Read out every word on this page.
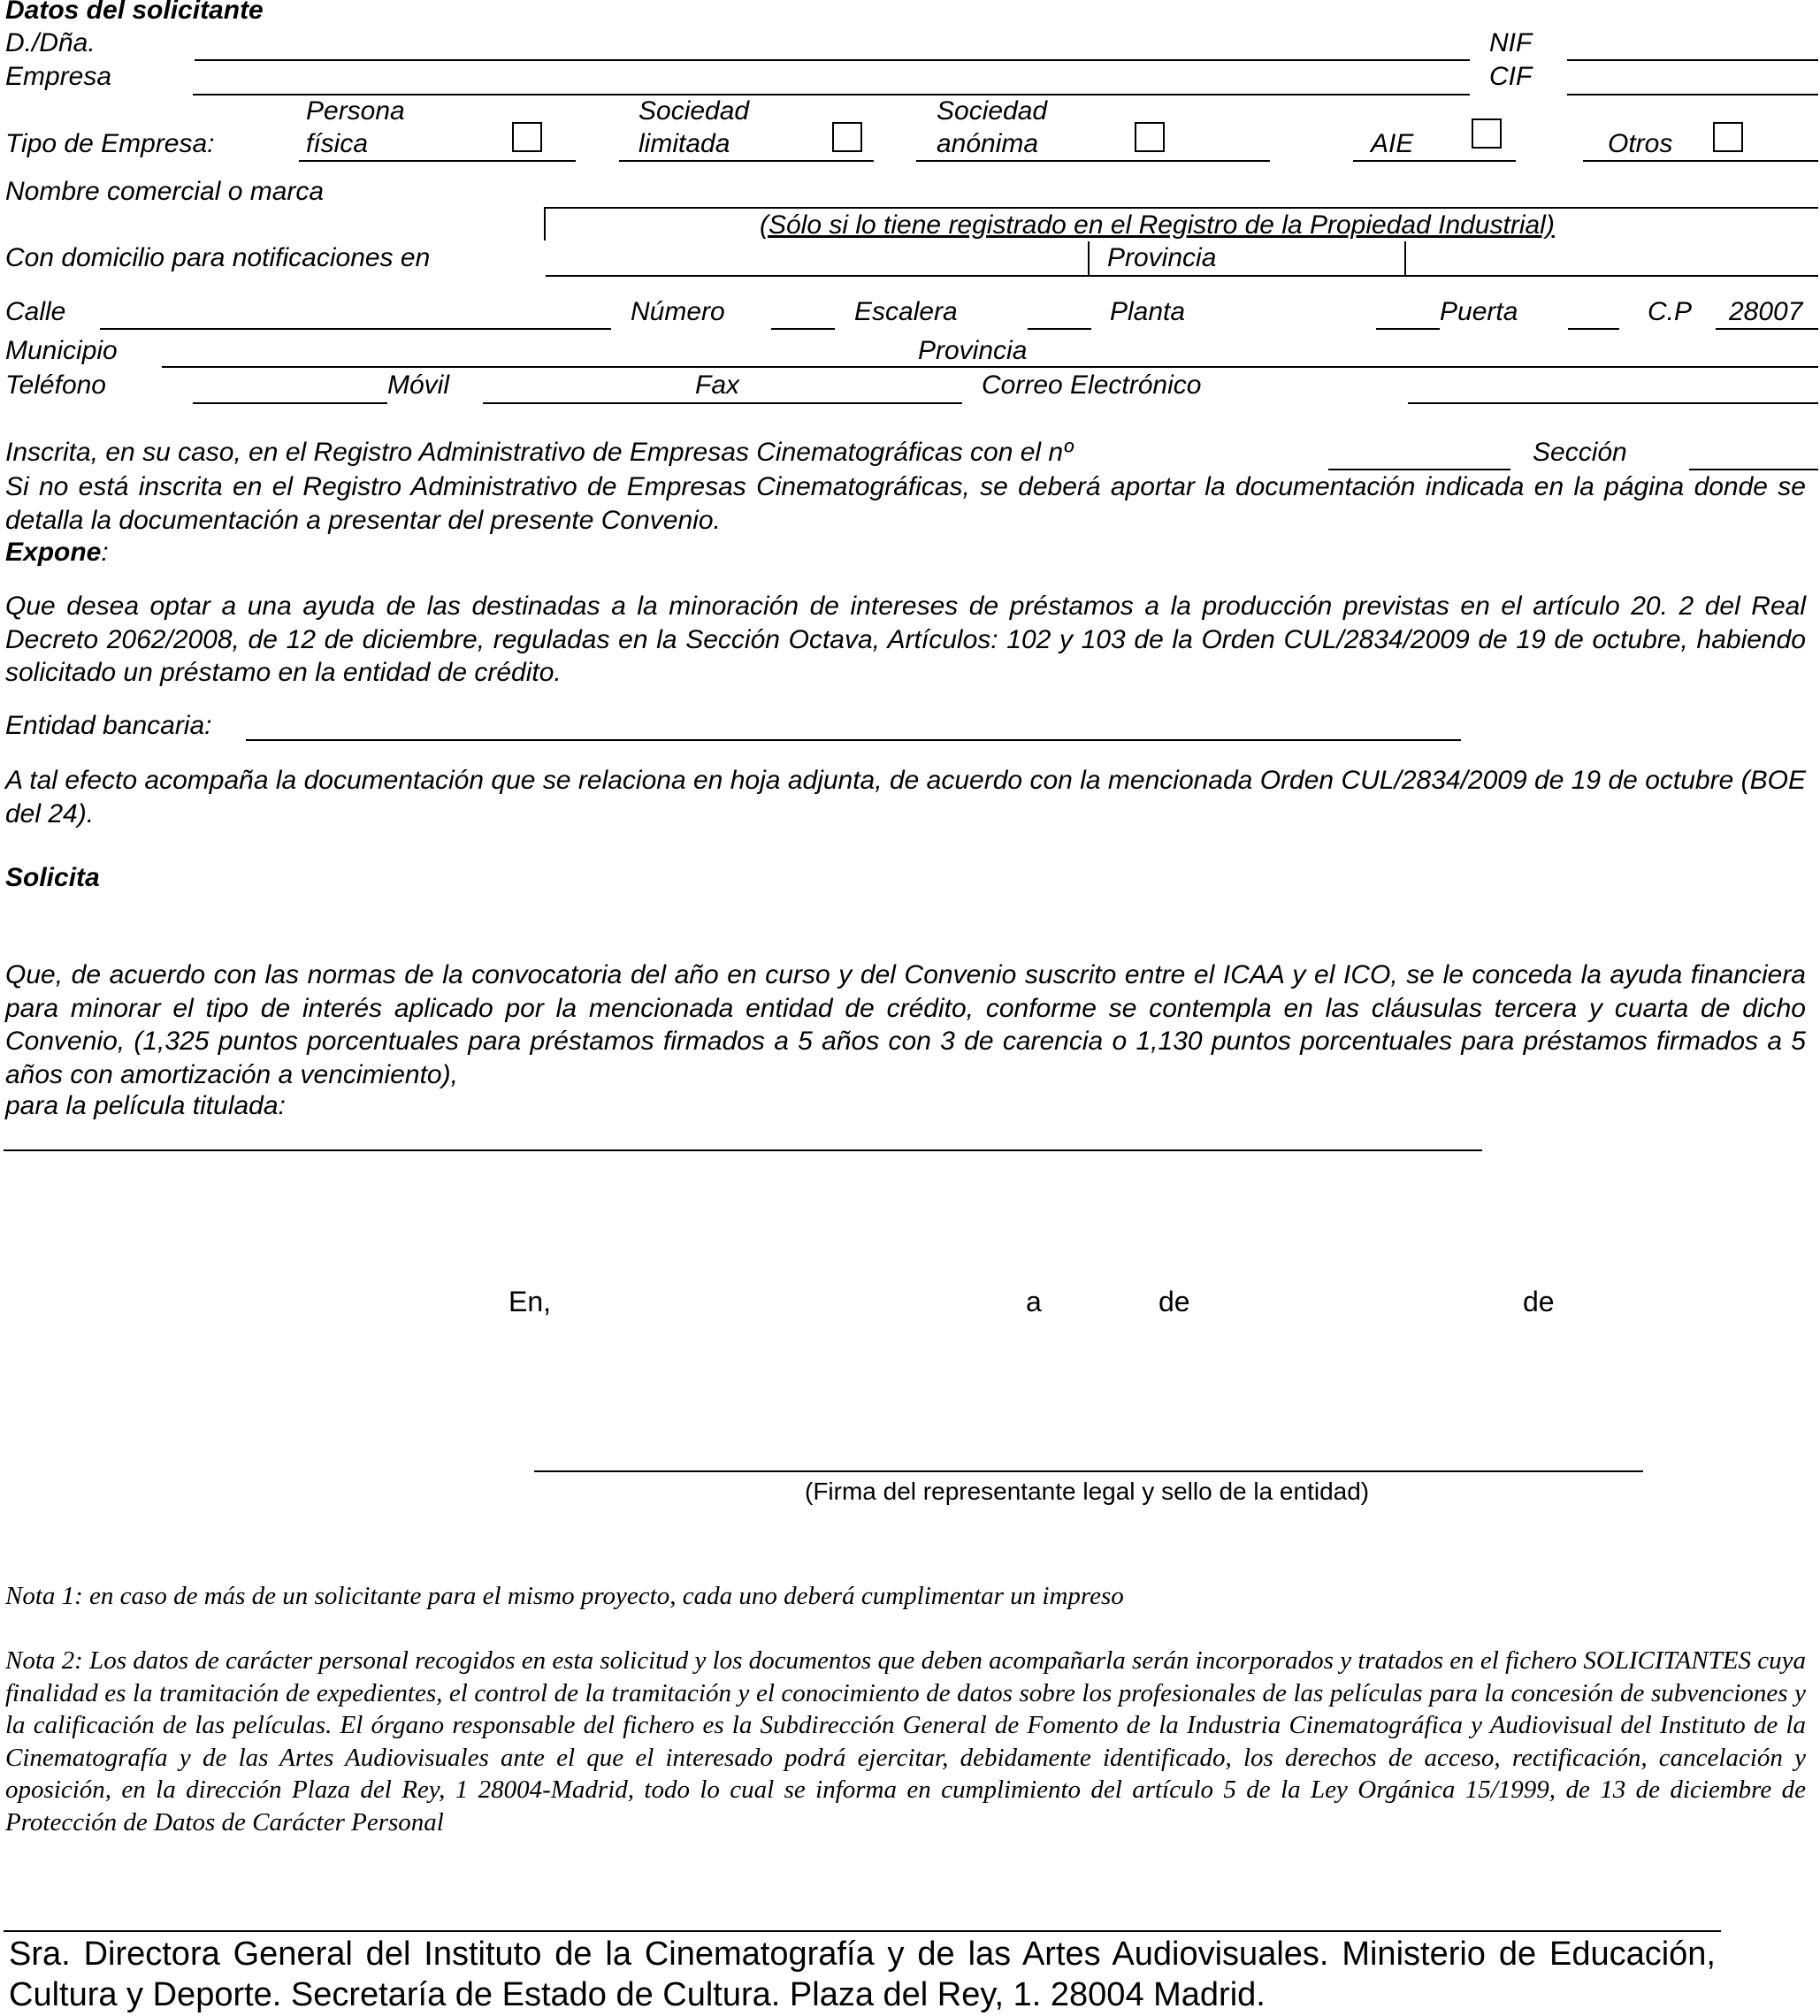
Datos del solicitante
D./Dña.	NIF
Empresa	CIF
Tipo de Empresa:
Persona
física
Sociedad
limitada
Sociedad
anónima	AIE	Otros
Nombre comercial o marca
(Sólo si lo tiene registrado en el Registro de la Propiedad Industrial)
Con domicilio para notificaciones en	Provincia
Calle	Número	Escalera	Planta	Puerta	C.P 28007
Municipio	Provincia
Teléfono	Móvil	Fax	Correo Electrónico
Inscrita, en su caso, en el Registro Administrativo de Empresas Cinematográficas con el nº	Sección
Si no está inscrita en el Registro Administrativo de Empresas Cinematográficas, se deberá aportar la documentación indicada en la página donde se detalla la documentación a presentar del presente Convenio.
Expone:
Que desea optar a una ayuda de las destinadas a la minoración de intereses de préstamos a la producción previstas en el artículo 20. 2 del Real Decreto 2062/2008, de 12 de diciembre, reguladas en la Sección Octava, Artículos: 102 y 103 de la Orden CUL/2834/2009 de 19 de octubre, habiendo solicitado un préstamo en la entidad de crédito.
Entidad bancaria:
A tal efecto acompaña la documentación que se relaciona en hoja adjunta, de acuerdo con la mencionada Orden CUL/2834/2009 de 19 de octubre (BOE del 24).
Solicita
Que, de acuerdo con las normas de la convocatoria del año en curso y del Convenio suscrito entre el ICAA y el ICO, se le conceda la ayuda financiera para minorar el tipo de interés aplicado por la mencionada entidad de crédito, conforme se contempla en las cláusulas tercera y cuarta de dicho Convenio, (1,325 puntos porcentuales para préstamos firmados a 5 años con 3 de carencia o 1,130 puntos porcentuales para préstamos firmados a 5 años con amortización a vencimiento),
para la película titulada:
En,	a	de	de
(Firma del representante legal y sello de la entidad)
Nota 1: en caso de más de un solicitante para el mismo proyecto, cada uno deberá cumplimentar un impreso
Nota 2: Los datos de carácter personal recogidos en esta solicitud y los documentos que deben acompañarla serán incorporados y tratados en el fichero SOLICITANTES cuya finalidad es la tramitación de expedientes, el control de la tramitación y el conocimiento de datos sobre los profesionales de las películas para la concesión de subvenciones y la calificación de las películas. El órgano responsable del fichero es la Subdirección General de Fomento de la Industria Cinematográfica y Audiovisual del Instituto de la Cinematografía y de las Artes Audiovisuales ante el que el interesado podrá ejercitar, debidamente identificado, los derechos de acceso, rectificación, cancelación y oposición, en la dirección Plaza del Rey, 1 28004-Madrid, todo lo cual se informa en cumplimiento del artículo 5 de la Ley Orgánica 15/1999, de 13 de diciembre de Protección de Datos de Carácter Personal
Sra. Directora General del Instituto de la Cinematografía y de las Artes Audiovisuales. Ministerio de Educación, Cultura y Deporte. Secretaría de Estado de Cultura. Plaza del Rey, 1. 28004 Madrid.
